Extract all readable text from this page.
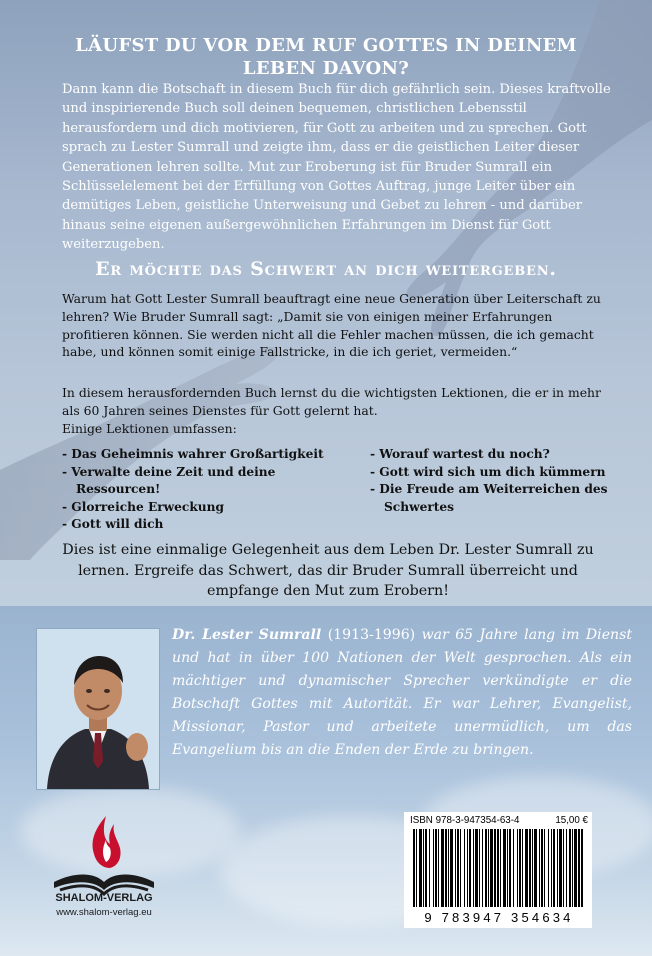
LÄUFST DU VOR DEM RUF GOTTES IN DEINEM LEBEN DAVON?

Dann kann die Botschaft in diesem Buch für dich gefährlich sein. Dieses kraftvolle und inspirierende Buch soll deinen bequemen, christlichen Lebensstil herausfordern und dich motivieren, für Gott zu arbeiten und zu sprechen. Gott sprach zu Lester Sumrall und zeigte ihm, dass er die geistlichen Leiter dieser Generationen lehren sollte. Mut zur Eroberung ist für Bruder Sumrall ein Schlüsselelement bei der Erfüllung von Gottes Auftrag, junge Leiter über ein demütiges Leben, geistliche Unterweisung und Gebet zu lehren - und darüber hinaus seine eigenen außergewöhnlichen Erfahrungen im Dienst für Gott weiterzugeben.

Er möchte das Schwert an dich weitergeben.

Warum hat Gott Lester Sumrall beauftragt eine neue Generation über Leiterschaft zu lehren? Wie Bruder Sumrall sagt: „Damit sie von einigen meiner Erfahrungen profitieren können. Sie werden nicht all die Fehler machen müssen, die ich gemacht habe, und können somit einige Fallstricke, in die ich geriet, vermeiden.“

In diesem herausfordernden Buch lernst du die wichtigsten Lektionen, die er in mehr als 60 Jahren seines Dienstes für Gott gelernt hat.
Einige Lektionen umfassen:

- Das Geheimnis wahrer Großartigkeit
- Verwalte deine Zeit und deine Ressourcen!
- Glorreiche Erweckung
- Gott will dich
- Worauf wartest du noch?
- Gott wird sich um dich kümmern
- Die Freude am Weiterreichen des Schwertes

Dies ist eine einmalige Gelegenheit aus dem Leben Dr. Lester Sumrall zu lernen. Ergreife das Schwert, das dir Bruder Sumrall überreicht und empfange den Mut zum Erobern!

Dr. Lester Sumrall (1913-1996) war 65 Jahre lang im Dienst und hat in über 100 Nationen der Welt gesprochen. Als ein mächtiger und dynamischer Sprecher verkündigte er die Botschaft Gottes mit Autorität. Er war Lehrer, Evangelist, Missionar, Pastor und arbeitete unermüdlich, um das Evangelium bis an die Enden der Erde zu bringen.

SHALOM-VERLAG

www.shalom-verlag.eu

ISBN 978-3-947354-63-4	15,00 €
9 783947 354634
